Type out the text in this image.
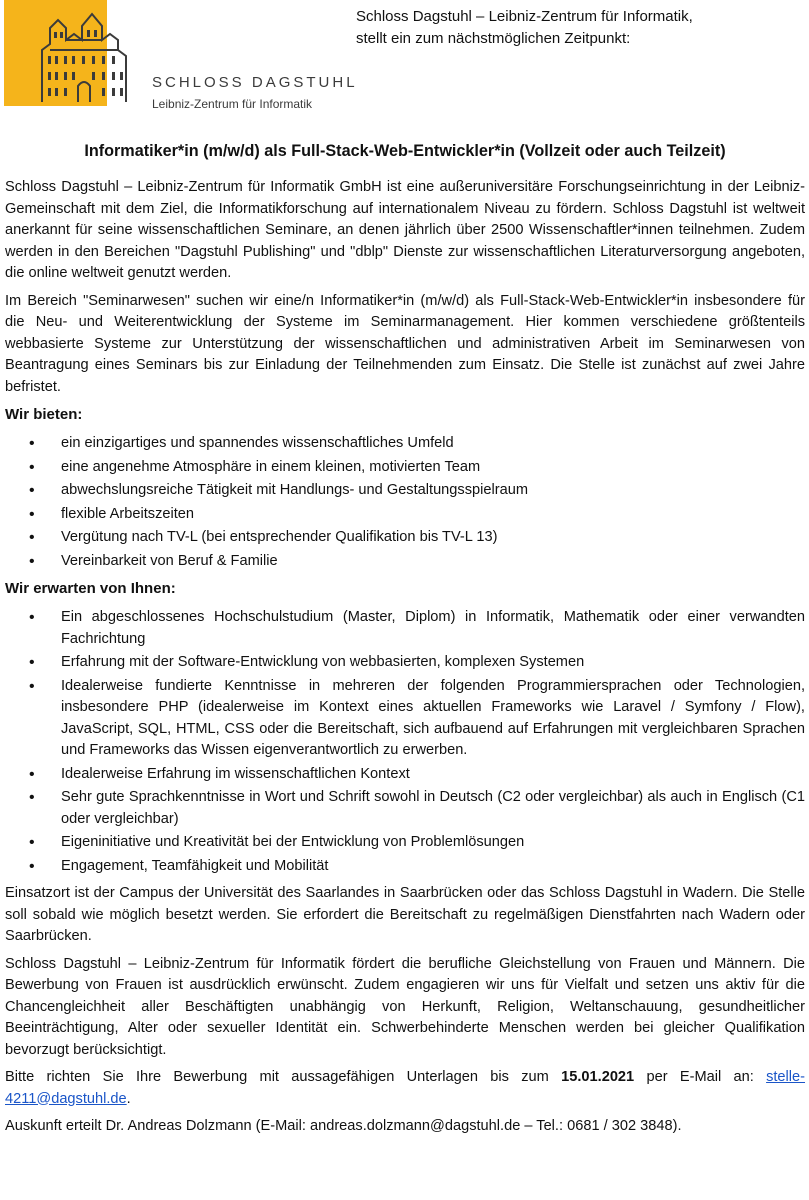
SCHLOSS DAGSTUHL

Leibniz-Zentrum für Informatik

Schloss Dagstuhl – Leibniz-Zentrum für Informatik,
stellt ein zum nächstmöglichen Zeitpunkt:
Informatiker*in (m/w/d) als Full-Stack-Web-Entwickler*in (Vollzeit oder auch Teilzeit)

Schloss Dagstuhl – Leibniz-Zentrum für Informatik GmbH ist eine außeruniversitäre Forschungseinrichtung in der Leibniz-Gemeinschaft mit dem Ziel, die Informatikforschung auf internationalem Niveau zu fördern. Schloss Dagstuhl ist weltweit anerkannt für seine wissenschaftlichen Seminare, an denen jährlich über 2500 Wissenschaftler*innen teilnehmen. Zudem werden in den Bereichen "Dagstuhl Publishing" und "dblp" Dienste zur wissenschaftlichen Literaturversorgung angeboten, die online weltweit genutzt werden.

Im Bereich "Seminarwesen" suchen wir eine/n Informatiker*in (m/w/d) als Full-Stack-Web-Entwickler*in insbesondere für die Neu- und Weiterentwicklung der Systeme im Seminarmanagement. Hier kommen verschiedene größtenteils webbasierte Systeme zur Unterstützung der wissenschaftlichen und administrativen Arbeit im Seminarwesen von Beantragung eines Seminars bis zur Einladung der Teilnehmenden zum Einsatz. Die Stelle ist zunächst auf zwei Jahre befristet.

Wir bieten:
• ein einzigartiges und spannendes wissenschaftliches Umfeld
• eine angenehme Atmosphäre in einem kleinen, motivierten Team
• abwechslungsreiche Tätigkeit mit Handlungs- und Gestaltungsspielraum
• flexible Arbeitszeiten
• Vergütung nach TV-L (bei entsprechender Qualifikation bis TV-L 13)
• Vereinbarkeit von Beruf & Familie
Wir erwarten von Ihnen:
• Ein abgeschlossenes Hochschulstudium (Master, Diplom) in Informatik, Mathematik oder einer verwandten Fachrichtung
• Erfahrung mit der Software-Entwicklung von webbasierten, komplexen Systemen
• Idealerweise fundierte Kenntnisse in mehreren der folgenden Programmiersprachen oder Technologien, insbesondere PHP (idealerweise im Kontext eines aktuellen Frameworks wie Laravel / Symfony / Flow), JavaScript, SQL, HTML, CSS oder die Bereitschaft, sich aufbauend auf Erfahrungen mit vergleichbaren Sprachen und Frameworks das Wissen eigenverantwortlich zu erwerben.
• Idealerweise Erfahrung im wissenschaftlichen Kontext
• Sehr gute Sprachkenntnisse in Wort und Schrift sowohl in Deutsch (C2 oder vergleichbar) als auch in Englisch (C1 oder vergleichbar)
• Eigeninitiative und Kreativität bei der Entwicklung von Problemlösungen
• Engagement, Teamfähigkeit und Mobilität

Einsatzort ist der Campus der Universität des Saarlandes in Saarbrücken oder das Schloss Dagstuhl in Wadern. Die Stelle soll sobald wie möglich besetzt werden. Sie erfordert die Bereitschaft zu regelmäßigen Dienstfahrten nach Wadern oder Saarbrücken.

Schloss Dagstuhl – Leibniz-Zentrum für Informatik fördert die berufliche Gleichstellung von Frauen und Männern. Die Bewerbung von Frauen ist ausdrücklich erwünscht. Zudem engagieren wir uns für Vielfalt und setzen uns aktiv für die Chancengleichheit aller Beschäftigten unabhängig von Herkunft, Religion, Weltanschauung, gesundheitlicher Beeinträchtigung, Alter oder sexueller Identität ein. Schwerbehinderte Menschen werden bei gleicher Qualifikation bevorzugt berücksichtigt.

Bitte richten Sie Ihre Bewerbung mit aussagefähigen Unterlagen bis zum 15.01.2021 per E-Mail an: stelle-4211@dagstuhl.de.

Auskunft erteilt Dr. Andreas Dolzmann (E-Mail: andreas.dolzmann@dagstuhl.de – Tel.: 0681 / 302 3848).
